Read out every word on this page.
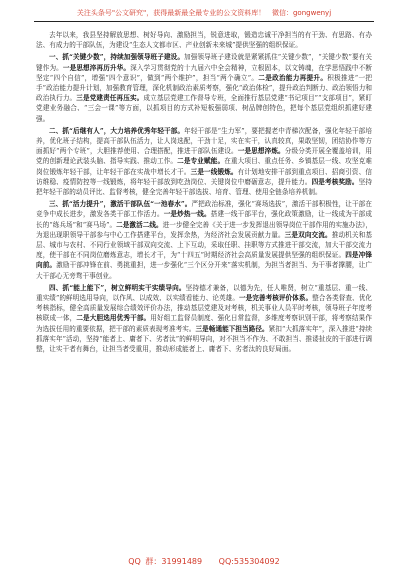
关注头条号"公文研究"，获得最新最全最专业的公文资料库！ 微信：gongwenyj

去年以来，我县坚持解放思想、树好导向、激励担当，锐意进取，锻造忠诚干净担当的有干劲、有思路、有办法、有成力的干部队伍，为建设“生态人文都市区、产业创新未来城”提供坚强的组织保证。

一、抓“关键少数”，持续加强领导班子建设。加强领导班子建设就是紧紧抓住“关键少数”，“关键少数”要有关键作为。一是思想淬再历升华。深入学习贯彻党的十九届六中全会精神，立根固本，以文铸魂，在学思悟践中不断坚定“四个自信”，增强“四个意识”，做到“两个维护”，担当“两个确立”。二是政治能力再提升。积极推进“一把手”政治能力提升计划，加强教育管理，深化机制政治素质考察，强化“政治体检”，提升政治判断力、政治领悟力和政治执行力。三是党建责任再压实。成立基层党建工作督导专班，全面推行基层党建“书记项目”“支部项目”，紧盯党建业务融合、“三会一课”等方面，以抓项目的方式补短板强弱项、树品牌创特色，把每个基层党组织抓建好建强。

二、抓“后继有人”，大力培养优秀年轻干部。年轻干部是“生力军”，要把握老中青梯次配备，强化年轻干部培养，优化班子结构，提高干部队伍活力，让人岗选配，干劲十足，实在实干，认真较真，果敢坚韧，团结协作等方面抓好“两个专班”，大胆推荐使用、合理搭配，推进干部队伍建设。一是思想淬炼。分级分类开展全覆盖培训，用党的创新理论武装头脑、指导实践、推动工作。二是专业赋能。在重大项目、重点任务、乡镇基层一线、攻坚克难岗位锻炼年轻干部，让年轻干部在实战中增长才干。三是一线锻炼。有计划地安排干部到重点项目、招商引资、信访维稳、疫情防控等一线锻炼，将年轻干部放到吃劲岗位、关键岗位中磨砺意志，提升能力。四是考核奖励。坚持把年轻干部的动员评比、监督考核，健全完善年轻干部选拔、培育、管理、使用全链条培养机制。

三、抓“活力提升”，激活干部队伍“一池春水”。严把政治标准，强化“赛场选拔”，激活干部积极性，让干部在竞争中成长进步，激发各类干部工作活力。一是炒热一线。搭建一线干部平台，强化政策激励，让一线成为干部成长的“练兵场”和“赛马场”。二是激活二线。进一步健全完善《关于进一步发挥退出领导岗位干部作用的实施办法》，为退出现职领导干部参与中心工作搭建平台，发挥余热，为经济社会发展贡献力量。三是双向交流。推动机关和基层、城市与农村、不同行业领域干部双向交流、上下互动，采取任职、挂职等方式推进干部交流，加大干部交流力度，使干部在不同岗位磨炼意志，增长才干，为“十四五”时期经济社会高质量发展提供坚强的组织保证。四是冲锋向前。激励干部冲锋在前、勇挑重担，进一步强化“三个区分开来”落实机制，为担当者担当、为干事者撑腰，让广大干部心无旁骛干事创业。

四、抓“能上能下”，树立鲜明实干实绩导向。坚持德才兼备，以德为先，任人唯贤，树立“重基层、重一线、重实绩”的鲜明选用导向，以作风、以成效、以实绩看能力、论英雄。一是完善考核评价体系。整合各类督查、优化考核指标，健全高质量发展综合绩效评价办法，推动基层党建及对考核，机关事业人员平时考核，领导班子年度考核联成一体，二是大胆选用优秀干部。用好组工监督员制度、强化日常监督，多维度考察识别干部，将考察结果作为选拔任用的重要依据，把干部的素质表现考准考实。三是畅通能下担当路径。紧扣“大抓落实年”，深入推进“持续抓落实年”活动，坚持“能者上、庸者下、劣者汰”的鲜明导向，对不担当不作为、不敢担当、推诿扯皮的干部进行调整，让实干者有舞台，让担当者受重用，推动形成能者上、庸者下、劣者汰的良好局面。

QQ 群：31991489 QQ:535304092
